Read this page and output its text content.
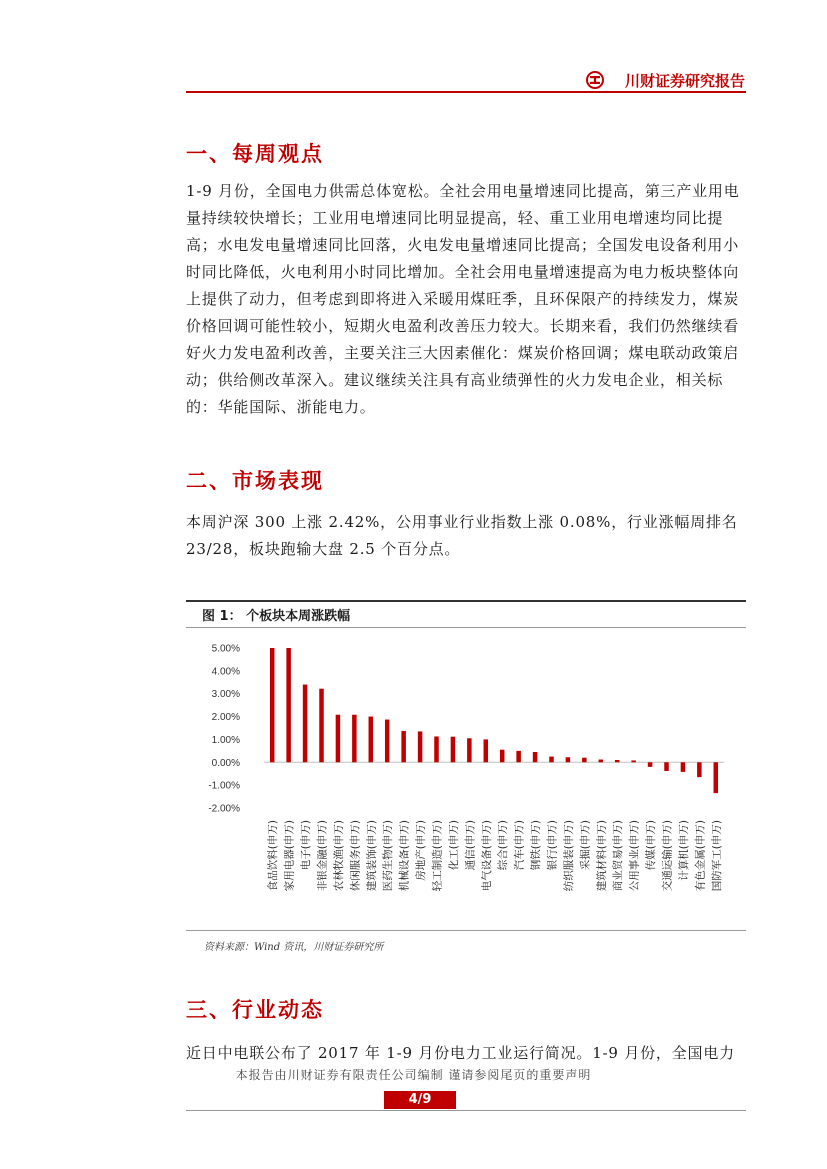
川财证券研究报告
一、每周观点

1-9 月份，全国电力供需总体宽松。全社会用电量增速同比提高，第三产业用电量持续较快增长；工业用电增速同比明显提高，轻、重工业用电增速均同比提高；水电发电量增速同比回落，火电发电量增速同比提高；全国发电设备利用小时同比降低，火电利用小时同比增加。全社会用电量增速提高为电力板块整体向上提供了动力，但考虑到即将进入采暖用煤旺季，且环保限产的持续发力，煤炭价格回调可能性较小，短期火电盈利改善压力较大。长期来看，我们仍然继续看好火力发电盈利改善，主要关注三大因素催化：煤炭价格回调；煤电联动政策启动；供给侧改革深入。建议继续关注具有高业绩弹性的火力发电企业，相关标的：华能国际、浙能电力。

二、市场表现

本周沪深 300 上涨 2.42%，公用事业行业指数上涨 0.08%，行业涨幅周排名 23/28，板块跑输大盘 2.5 个百分点。

图 1： 个板块本周涨跌幅
5.00%
4.00%
3.00%
2.00%
1.00%
0.00%
-1.00%
-2.00%
食品饮料(申万) 家用电器(申万) 电子(申万) 非银金融(申万) 农林牧渔(申万) 休闲服务(申万) 建筑装饰(申万) 医药生物(申万) 机械设备(申万) 房地产(申万) 轻工制造(申万) 化工(申万) 通信(申万) 电气设备(申万) 综合(申万) 汽车(申万) 钢铁(申万) 银行(申万) 纺织服装(申万) 采掘(申万) 建筑材料(申万) 商业贸易(申万) 公用事业(申万) 传媒(申万) 交通运输(申万) 计算机(申万) 有色金属(申万) 国防军工(申万)
资料来源：Wind 资讯，川财证券研究所
三、行业动态

近日中电联公布了 2017 年 1-9 月份电力工业运行简况。1-9 月份，全国电力

本报告由川财证券有限责任公司编制 谨请参阅尾页的重要声明
4/9
